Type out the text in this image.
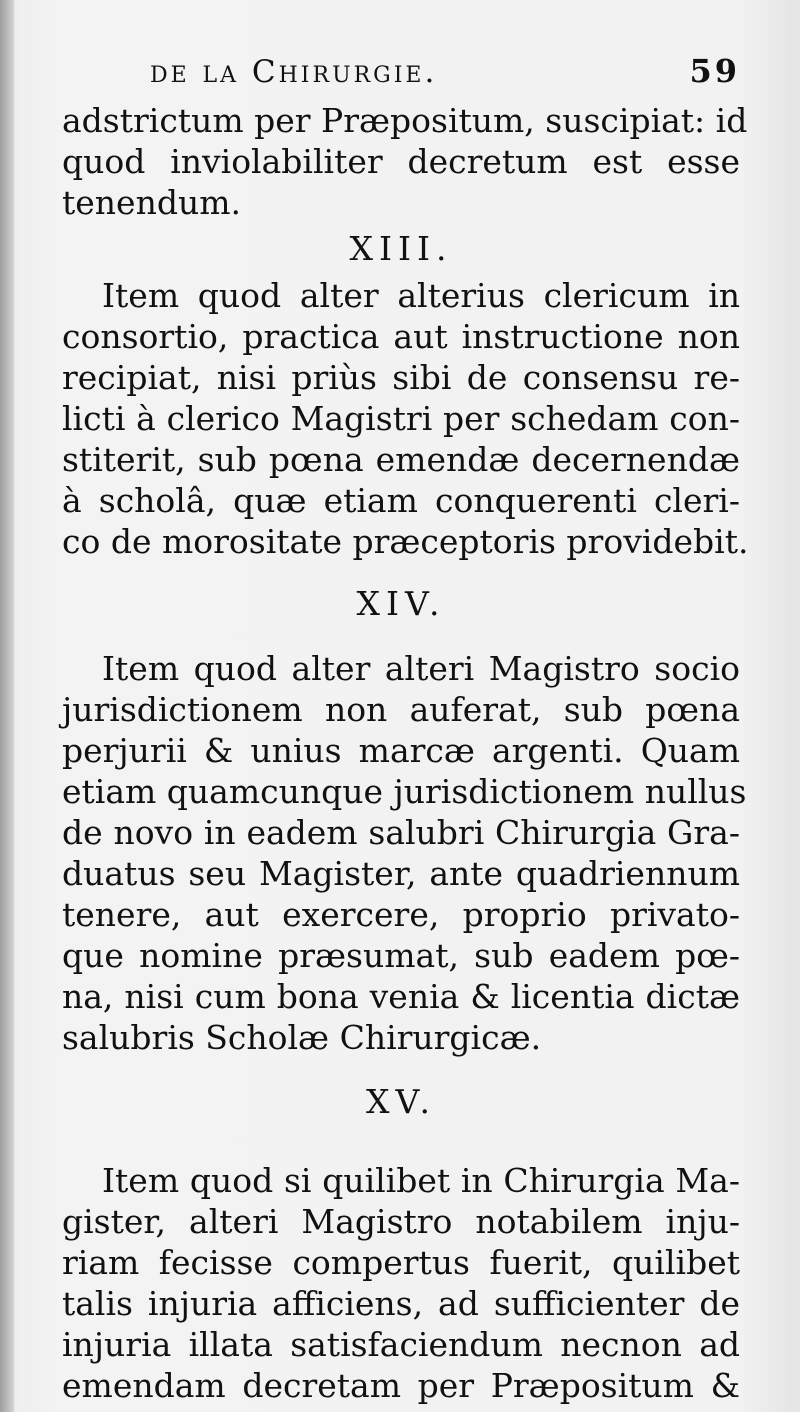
de la Chirurgie.	59
adstrictum per Præpositum, suscipiat: id
quod inviolabiliter decretum est esse
tenendum.
XIII.
Item quod alter alterius clericum in
consortio, practica aut instructione non
recipiat, nisi priùs sibi de consensu re-
licti à clerico Magistri per schedam con-
stiterit, sub pœna emendæ decernendæ
à scholâ, quæ etiam conquerenti cleri-
co de morositate præceptoris providebit.
XIV.
Item quod alter alteri Magistro socio
jurisdictionem non auferat, sub pœna
perjurii & unius marcæ argenti. Quam
etiam quamcunque jurisdictionem nullus
de novo in eadem salubri Chirurgia Gra-
duatus seu Magister, ante quadriennum
tenere, aut exercere, proprio privato-
que nomine præsumat, sub eadem pœ-
na, nisi cum bona venia & licentia dictæ
salubris Scholæ Chirurgicæ.
XV.
Item quod si quilibet in Chirurgia Ma-
gister, alteri Magistro notabilem inju-
riam fecisse compertus fuerit, quilibet
talis injuria afficiens, ad sufficienter de
injuria illata satisfaciendum necnon ad
emendam decretam per Præpositum &
